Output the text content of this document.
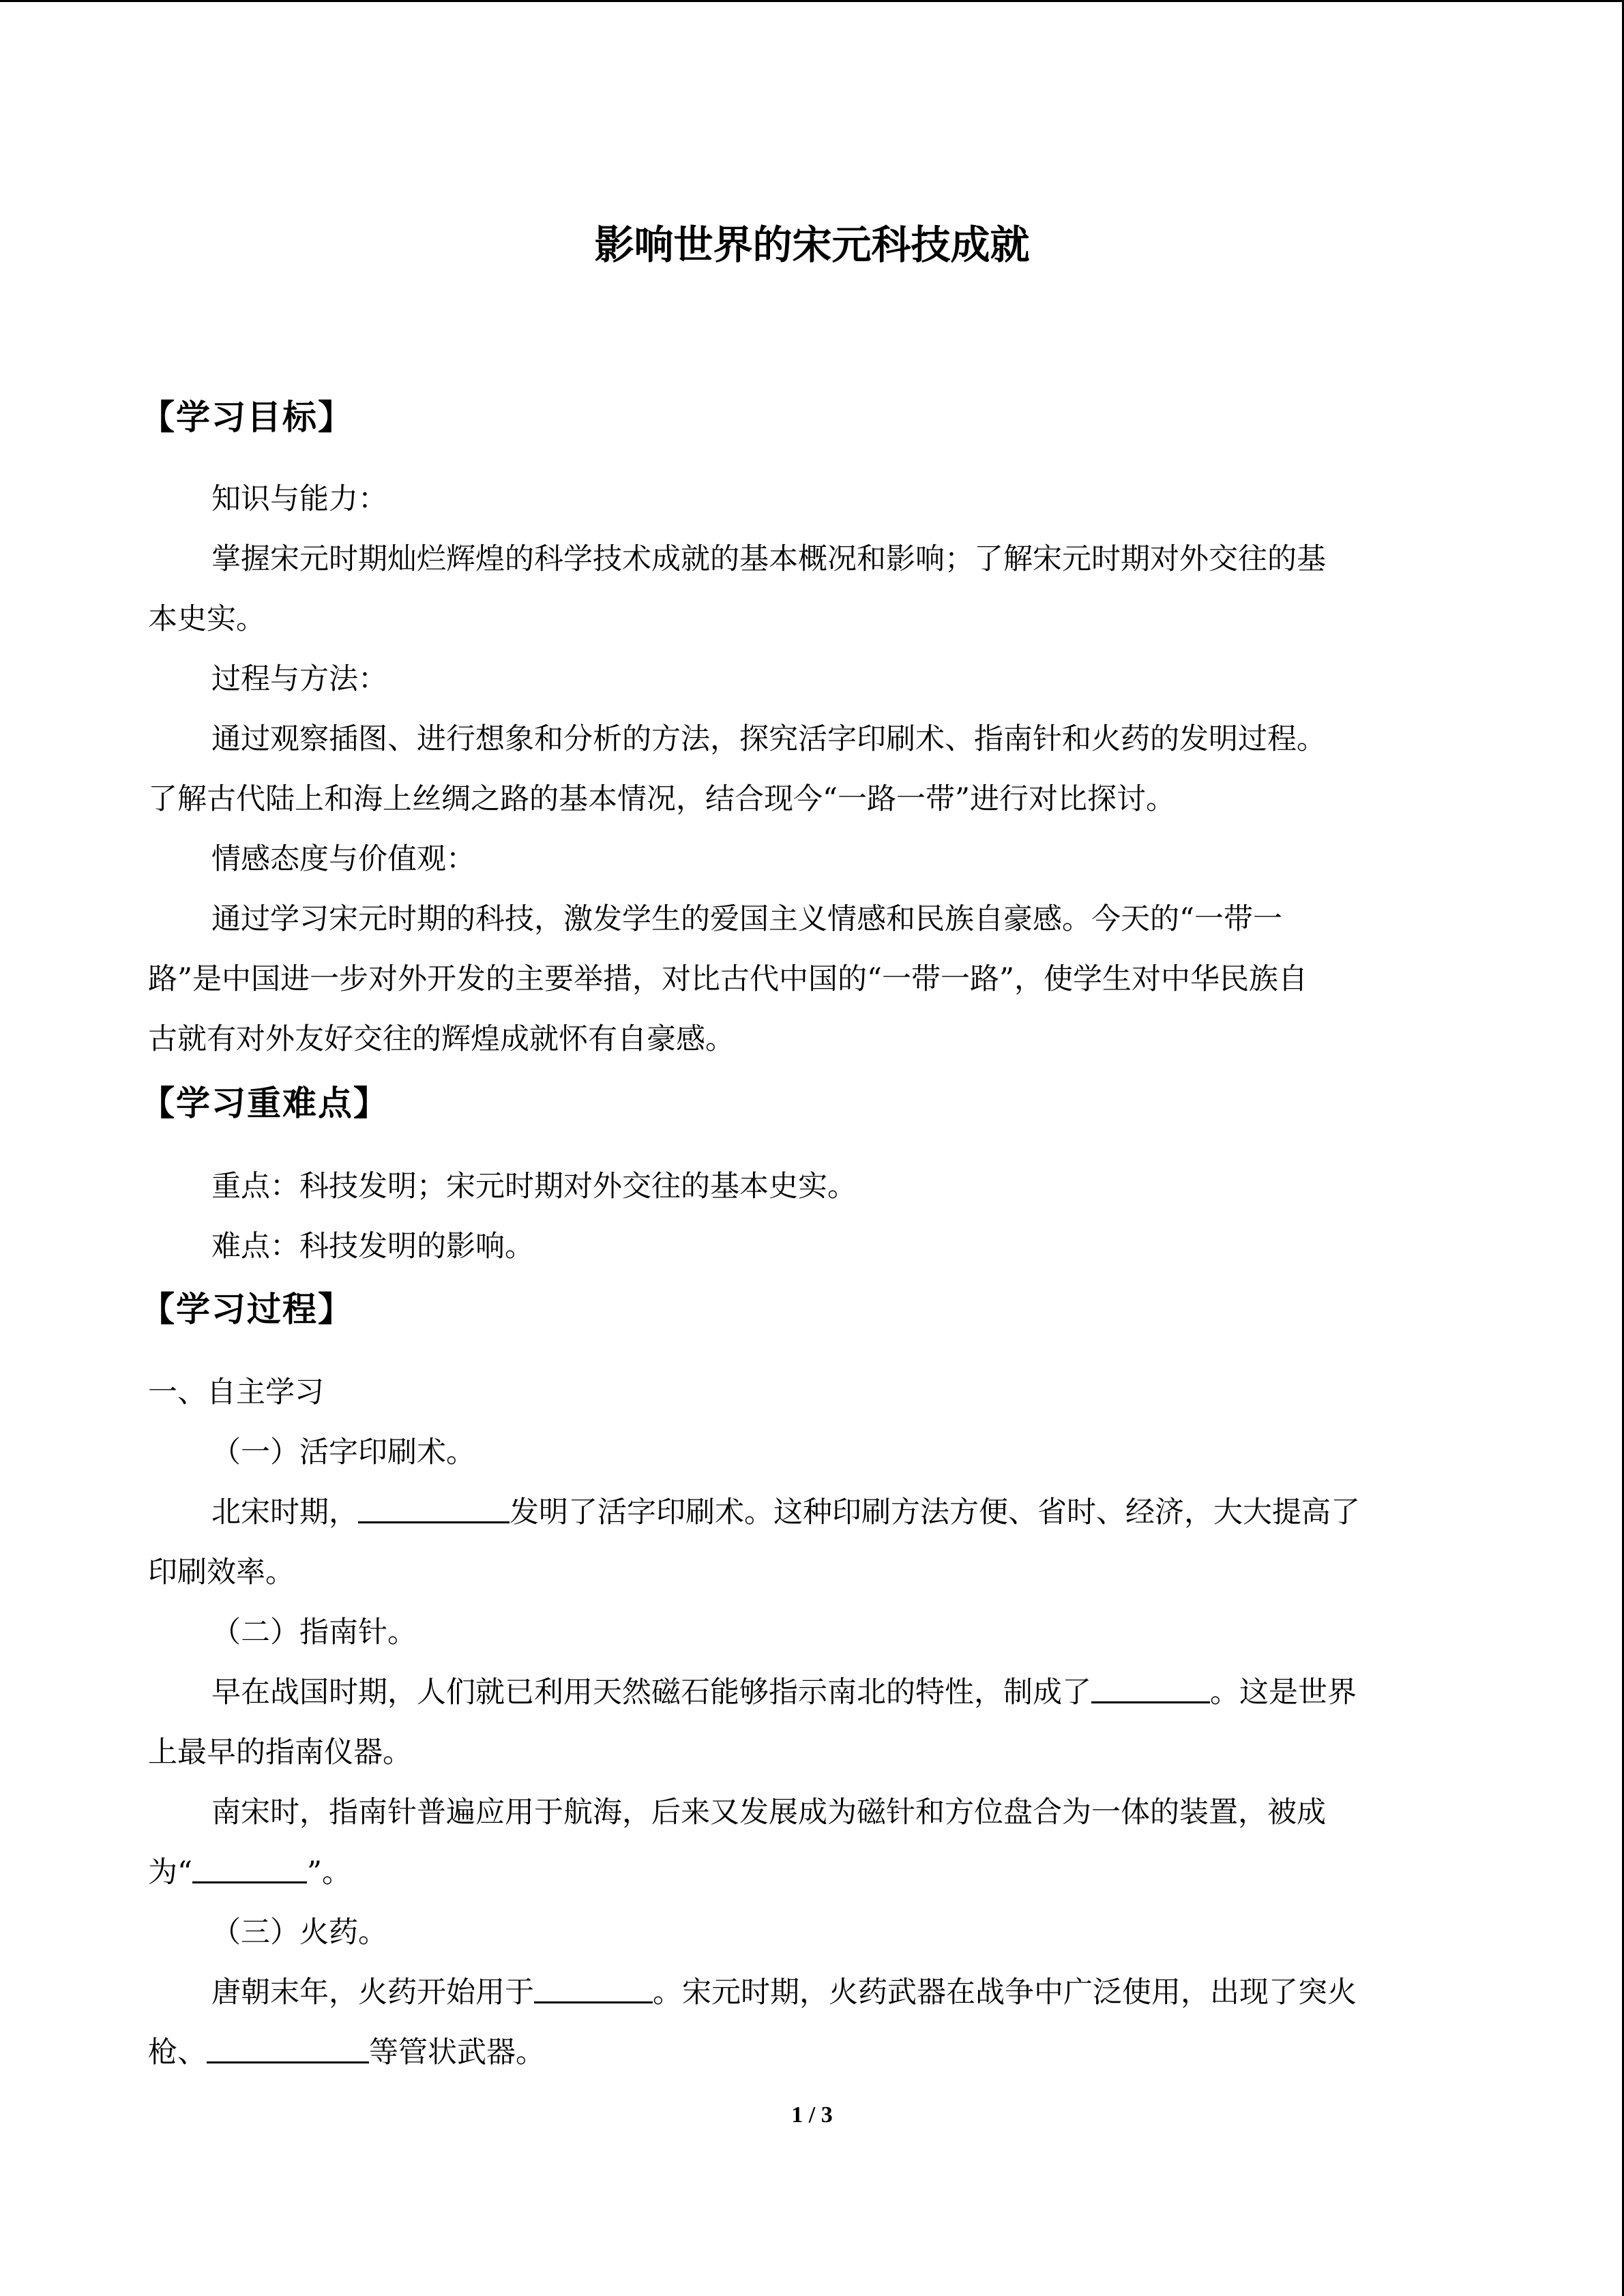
影响世界的宋元科技成就
【学习目标】
知识与能力：
掌握宋元时期灿烂辉煌的科学技术成就的基本概况和影响；了解宋元时期对外交往的基
本史实。
过程与方法：
通过观察插图、进行想象和分析的方法，探究活字印刷术、指南针和火药的发明过程。
了解古代陆上和海上丝绸之路的基本情况，结合现今“一路一带”进行对比探讨。
情感态度与价值观：
通过学习宋元时期的科技，激发学生的爱国主义情感和民族自豪感。今天的“一带一
路”是中国进一步对外开发的主要举措，对比古代中国的“一带一路”，使学生对中华民族自
古就有对外友好交往的辉煌成就怀有自豪感。
【学习重难点】
重点：科技发明；宋元时期对外交往的基本史实。
难点：科技发明的影响。
【学习过程】
一、自主学习
（一）活字印刷术。
北宋时期，	发明了活字印刷术。这种印刷方法方便、省时、经济，大大提高了
印刷效率。
（二）指南针。
早在战国时期，人们就已利用天然磁石能够指示南北的特性，制成了	。这是世界
上最早的指南仪器。
南宋时，指南针普遍应用于航海，后来又发展成为磁针和方位盘合为一体的装置，被成
为“	”。
（三）火药。
唐朝末年，火药开始用于	。宋元时期，火药武器在战争中广泛使用，出现了突火
枪、	等管状武器。
1 / 3
